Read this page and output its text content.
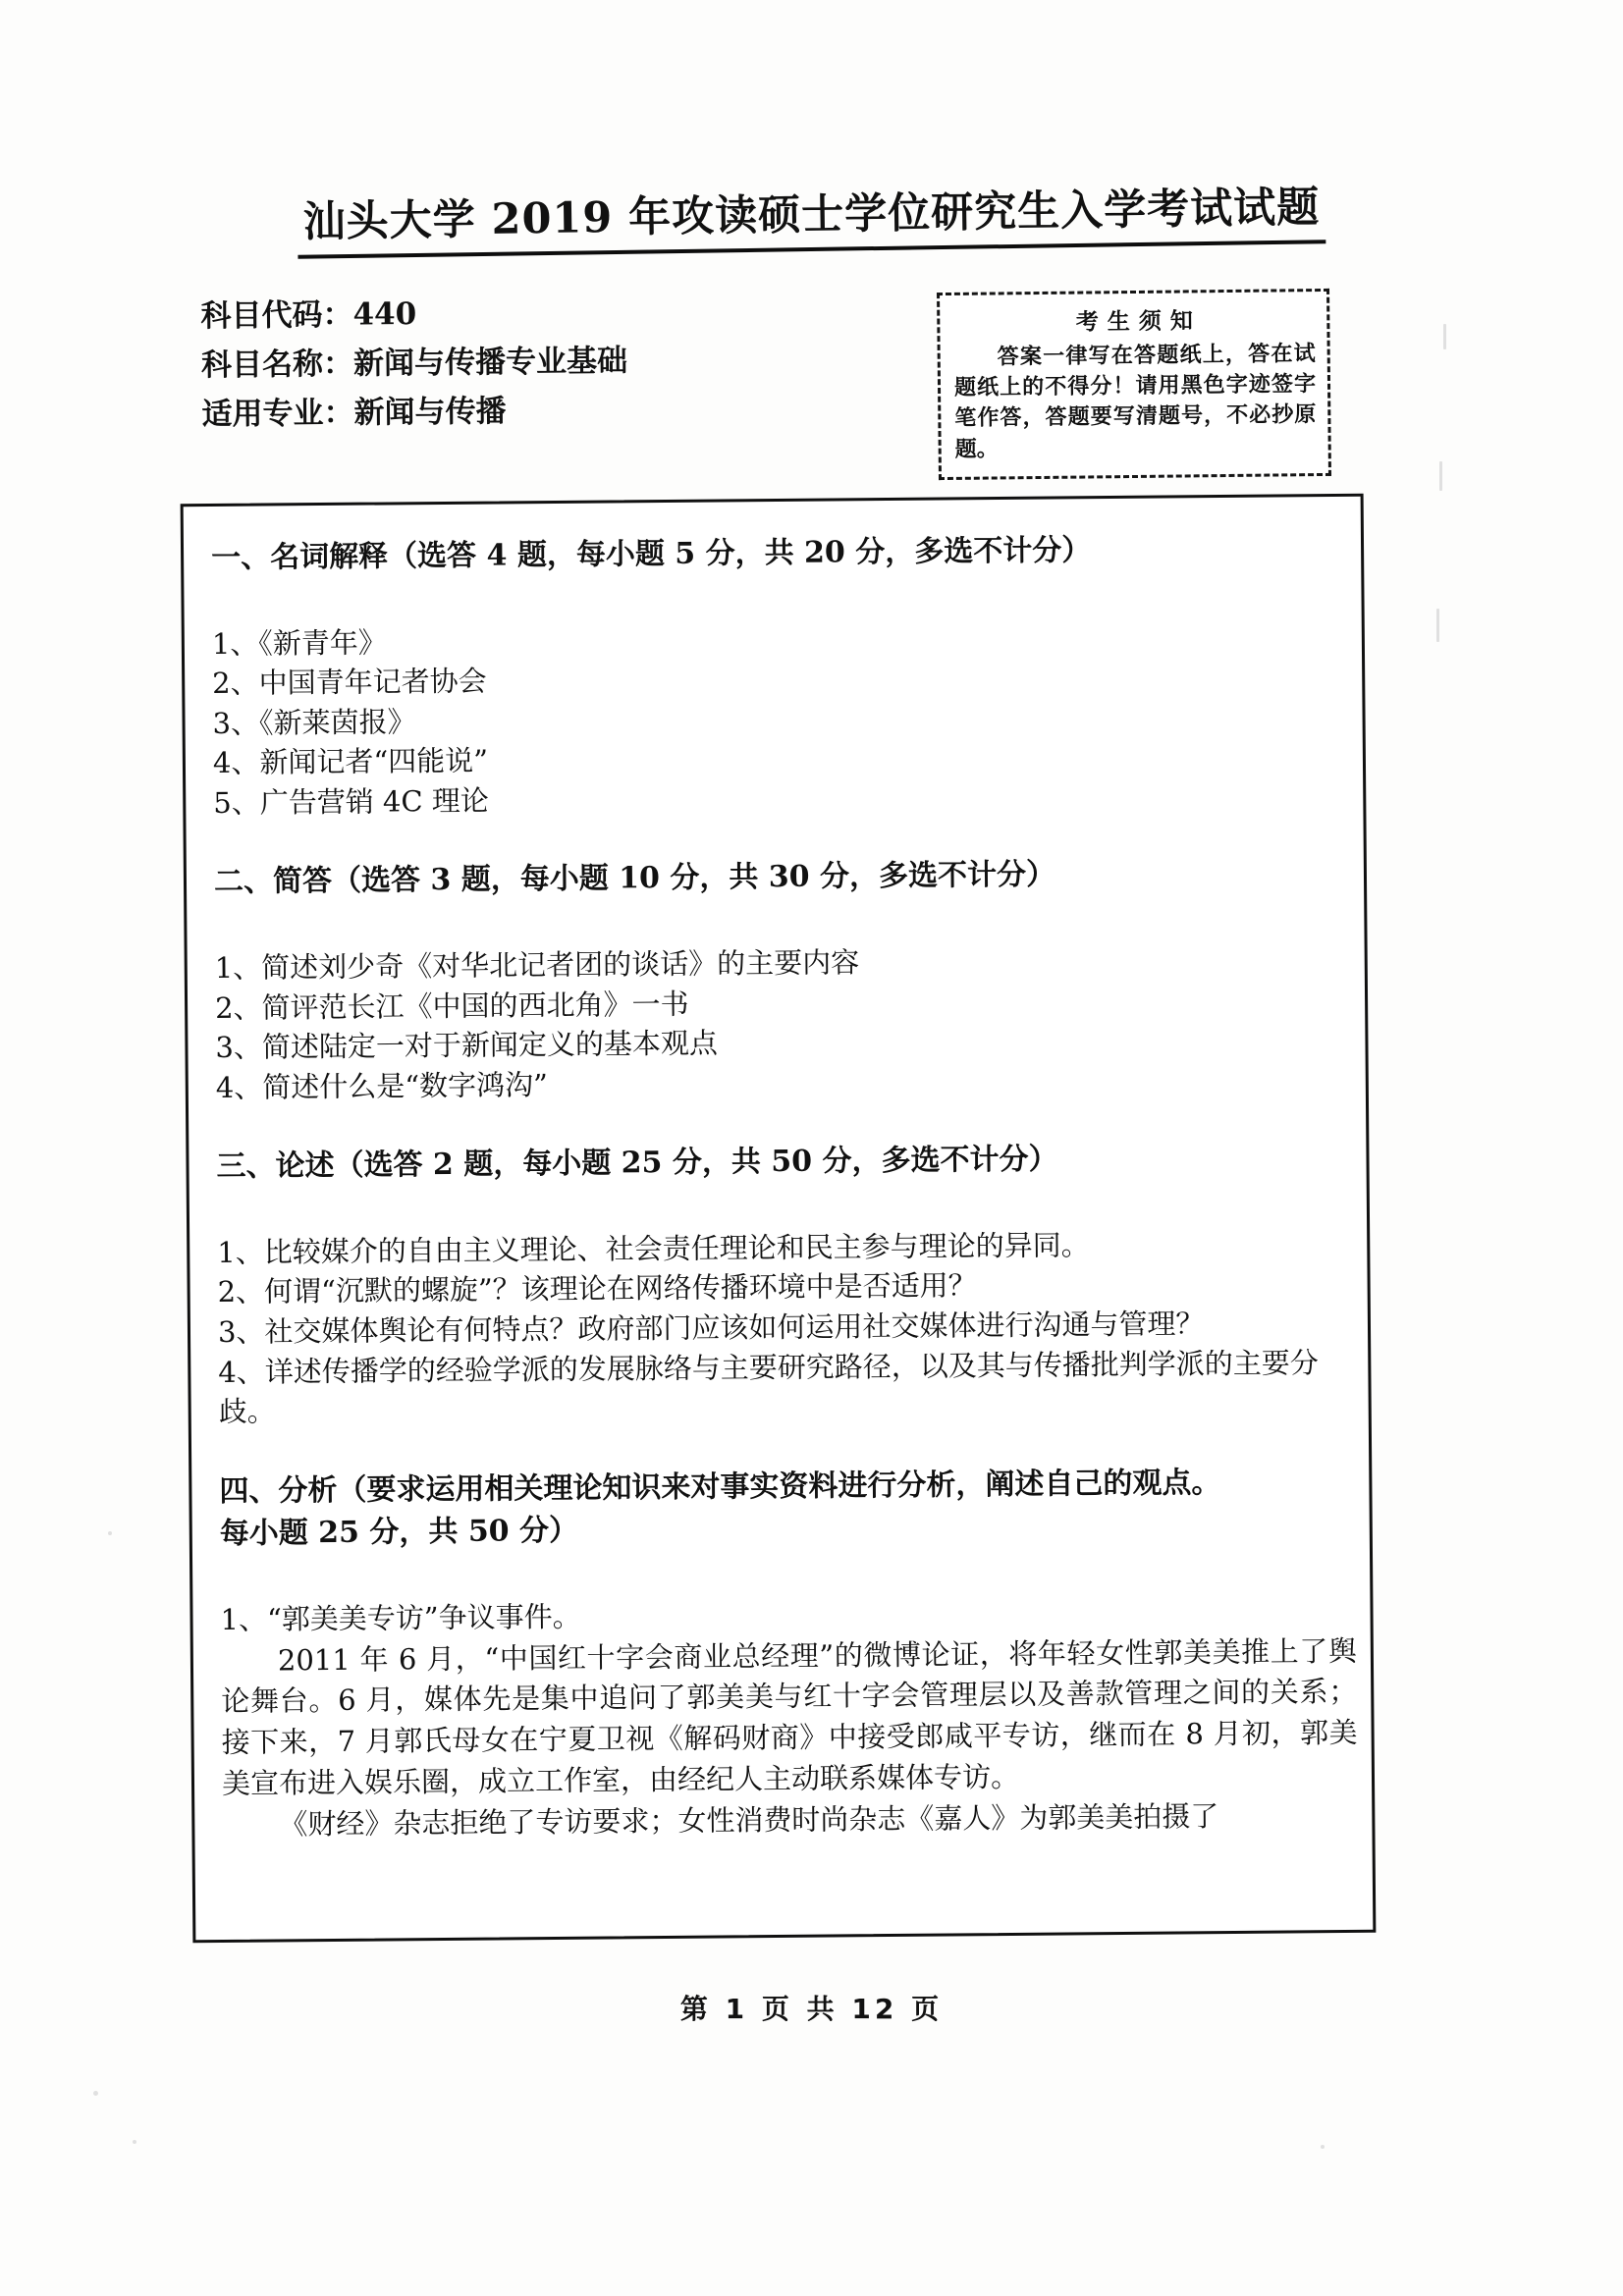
汕头大学 2019 年攻读硕士学位研究生入学考试试题
科目代码：440
科目名称：新闻与传播专业基础
适用专业：新闻与传播
考生须知
答案一律写在答题纸上，答在试题纸上的不得分！请用黑色字迹签字笔作答，答题要写清题号，不必抄原题。
一、名词解释（选答 4 题，每小题 5 分，共 20 分，多选不计分）
1、《新青年》
2、中国青年记者协会
3、《新莱茵报》
4、新闻记者“四能说”
5、广告营销 4C 理论
二、简答（选答 3 题，每小题 10 分，共 30 分，多选不计分）
1、简述刘少奇《对华北记者团的谈话》的主要内容
2、简评范长江《中国的西北角》一书
3、简述陆定一对于新闻定义的基本观点
4、简述什么是“数字鸿沟”
三、论述（选答 2 题，每小题 25 分，共 50 分，多选不计分）
1、比较媒介的自由主义理论、社会责任理论和民主参与理论的异同。
2、何谓“沉默的螺旋”？该理论在网络传播环境中是否适用？
3、社交媒体舆论有何特点？政府部门应该如何运用社交媒体进行沟通与管理？
4、详述传播学的经验学派的发展脉络与主要研究路径，以及其与传播批判学派的主要分歧。
四、分析（要求运用相关理论知识来对事实资料进行分析，阐述自己的观点。
每小题 25 分，共 50 分）
1、“郭美美专访”争议事件。
2011 年 6 月，“中国红十字会商业总经理”的微博论证，将年轻女性郭美美推上了舆论舞台。6 月，媒体先是集中追问了郭美美与红十字会管理层以及善款管理之间的关系；接下来，7 月郭氏母女在宁夏卫视《解码财商》中接受郎咸平专访，继而在 8 月初，郭美美宣布进入娱乐圈，成立工作室，由经纪人主动联系媒体专访。
《财经》杂志拒绝了专访要求；女性消费时尚杂志《嘉人》为郭美美拍摄了
第 1 页 共 12 页
